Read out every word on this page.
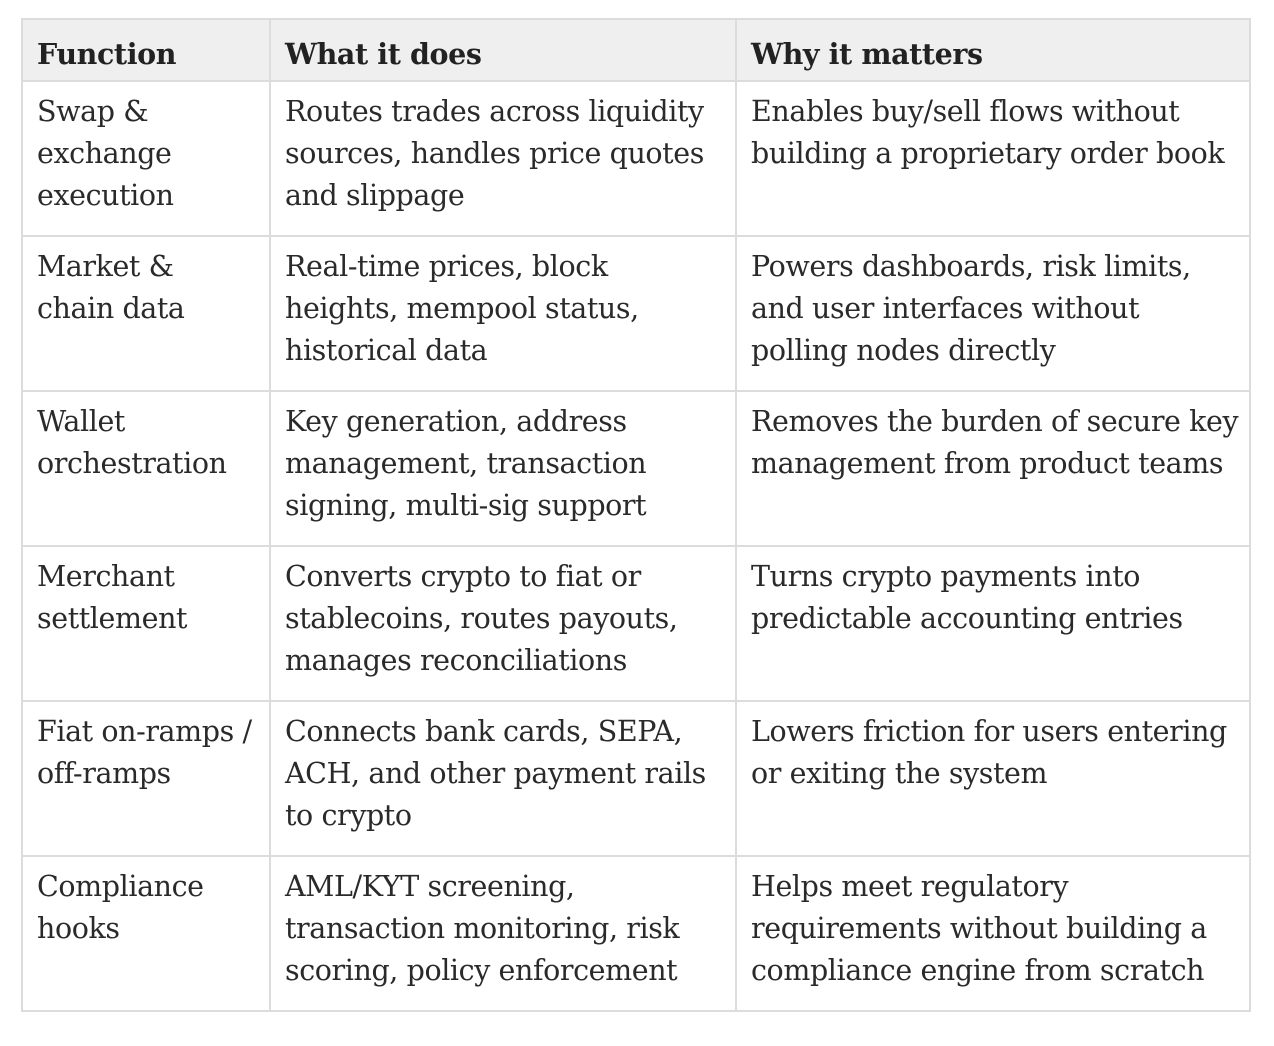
Function	What it does	Why it matters
Swap & exchange execution	Routes trades across liquidity sources, handles price quotes and slippage	Enables buy/sell flows without building a proprietary order book
Market & chain data	Real-time prices, block heights, mempool status, historical data	Powers dashboards, risk limits, and user interfaces without polling nodes directly
Wallet orchestration	Key generation, address management, transaction signing, multi-sig support	Removes the burden of secure key management from product teams
Merchant settlement	Converts crypto to fiat or stablecoins, routes payouts, manages reconciliations	Turns crypto payments into predictable accounting entries
Fiat on-ramps / off-ramps	Connects bank cards, SEPA, ACH, and other payment rails to crypto	Lowers friction for users entering or exiting the system
Compliance hooks	AML/KYT screening, transaction monitoring, risk scoring, policy enforcement	Helps meet regulatory requirements without building a compliance engine from scratch
